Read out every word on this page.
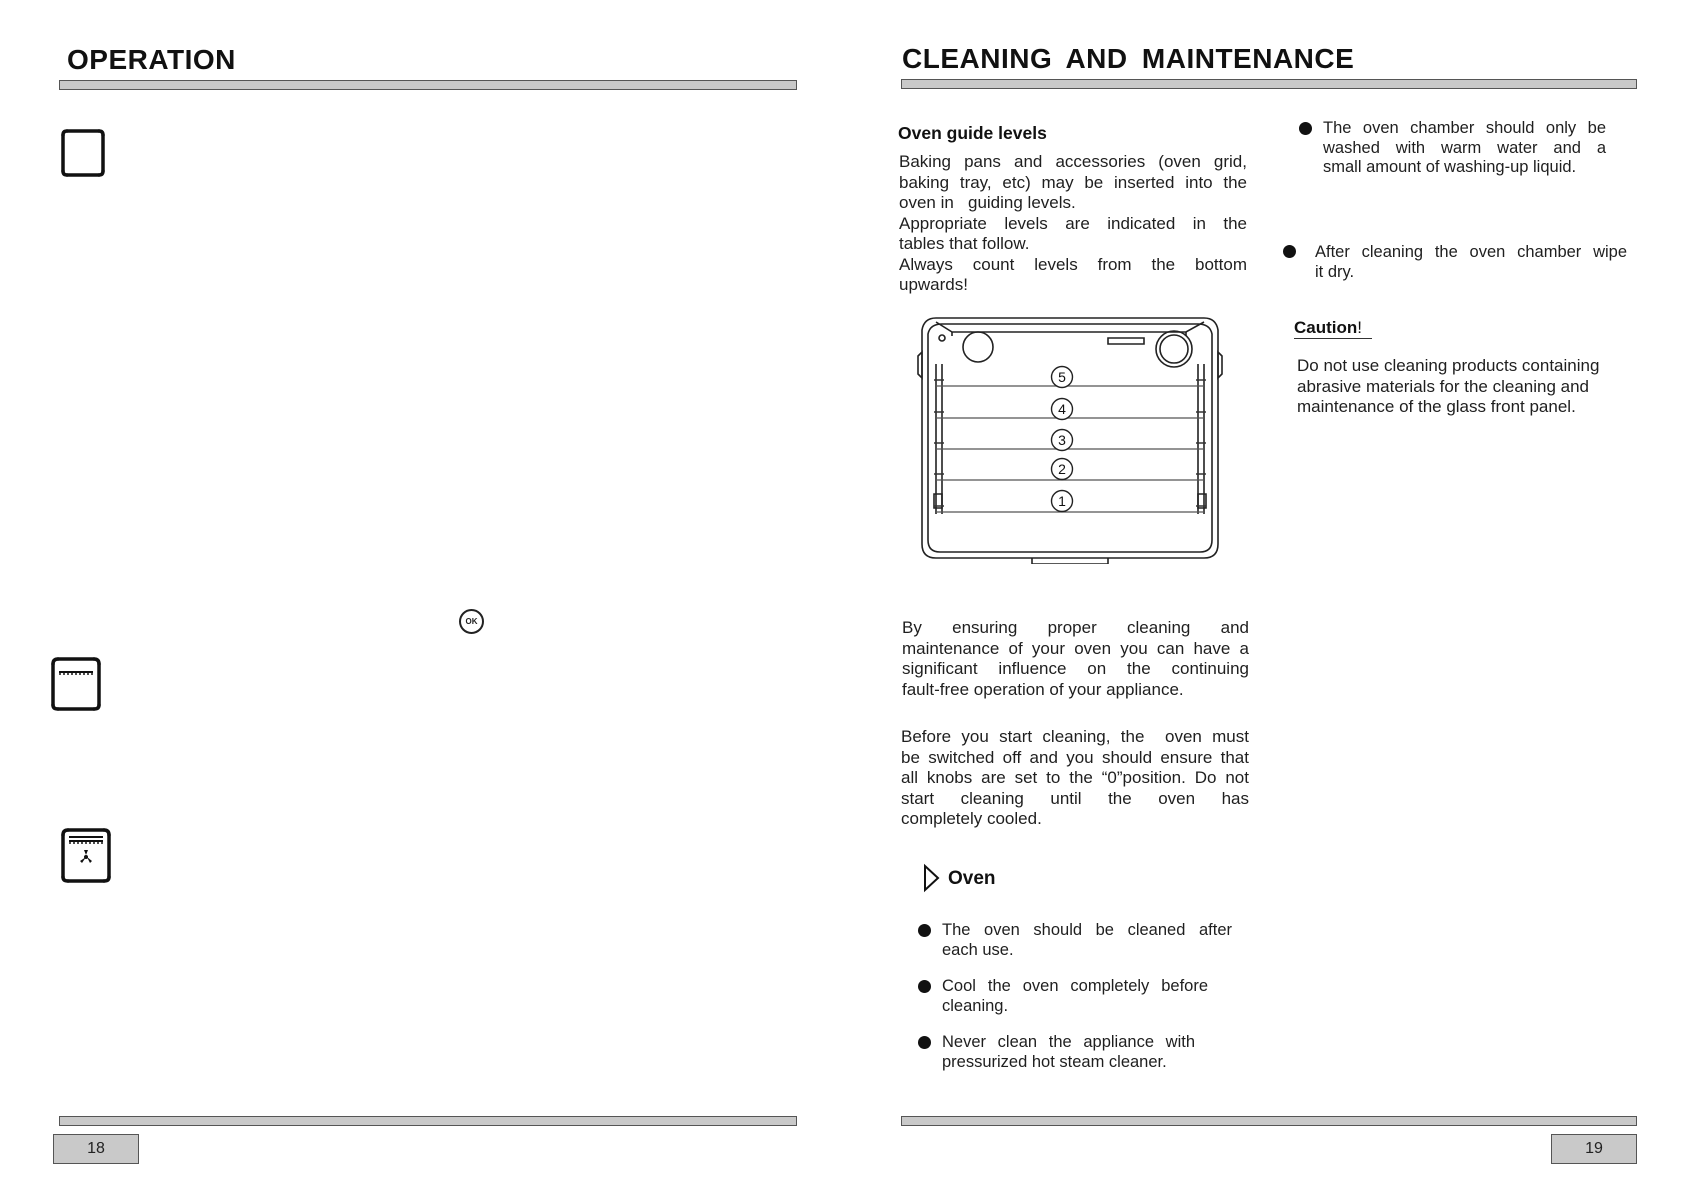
OPERATION
OK
18
CLEANING AND MAINTENANCE
Oven guide levels
Baking pans and accessories (oven grid,
baking tray, etc) may be inserted into the
oven in   guiding levels.
Appropriate levels are indicated in the
tables that follow.
Always count levels from the bottom
upwards!
5
4
3
2
1
By ensuring proper cleaning and
maintenance of your oven you can have a
significant influence on the continuing
fault-free operation of your appliance.
Before you start cleaning, the  oven must
be switched off and you should ensure that
all knobs are set to the “0”position. Do not
start cleaning until the oven has
completely cooled.
Oven
The oven should be cleaned after
each use.
Cool the oven completely before
cleaning.
Never clean the appliance with
pressurized hot steam cleaner.
The oven chamber should only be
washed with warm water and a
small amount of washing-up liquid.
After cleaning the oven chamber wipe
it dry.
Caution!
Do not use cleaning products containing
abrasive materials for the cleaning and
maintenance of the glass front panel.
19
